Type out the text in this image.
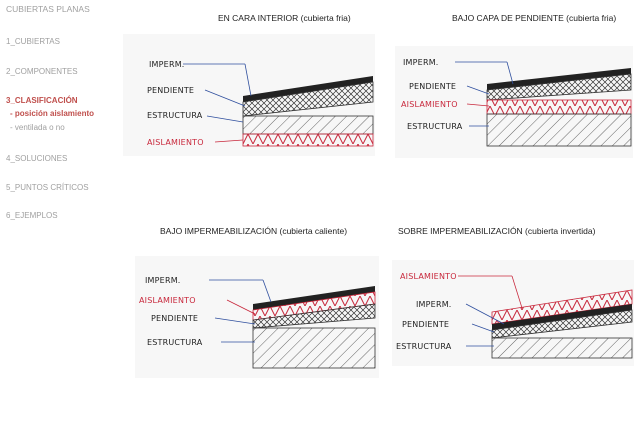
CUBIERTAS PLANAS
1_CUBIERTAS
2_COMPONENTES
3_CLASIFICACIÓN
- posición aislamiento
- ventilada o no
4_SOLUCIONES
5_PUNTOS CRÍTICOS
6_EJEMPLOS
EN CARA INTERIOR (cubierta fria)	BAJO CAPA DE PENDIENTE (cubierta fria)
BAJO IMPERMEABILIZACIÓN (cubierta caliente)	SOBRE IMPERMEABILIZACIÓN (cubierta invertida)
IMPERM.
PENDIENTE
ESTRUCTURA
AISLAMIENTO
IMPERM.
PENDIENTE
AISLAMIENTO
ESTRUCTURA
IMPERM.
AISLAMIENTO
PENDIENTE
ESTRUCTURA
AISLAMIENTO
IMPERM.
PENDIENTE
ESTRUCTURA
